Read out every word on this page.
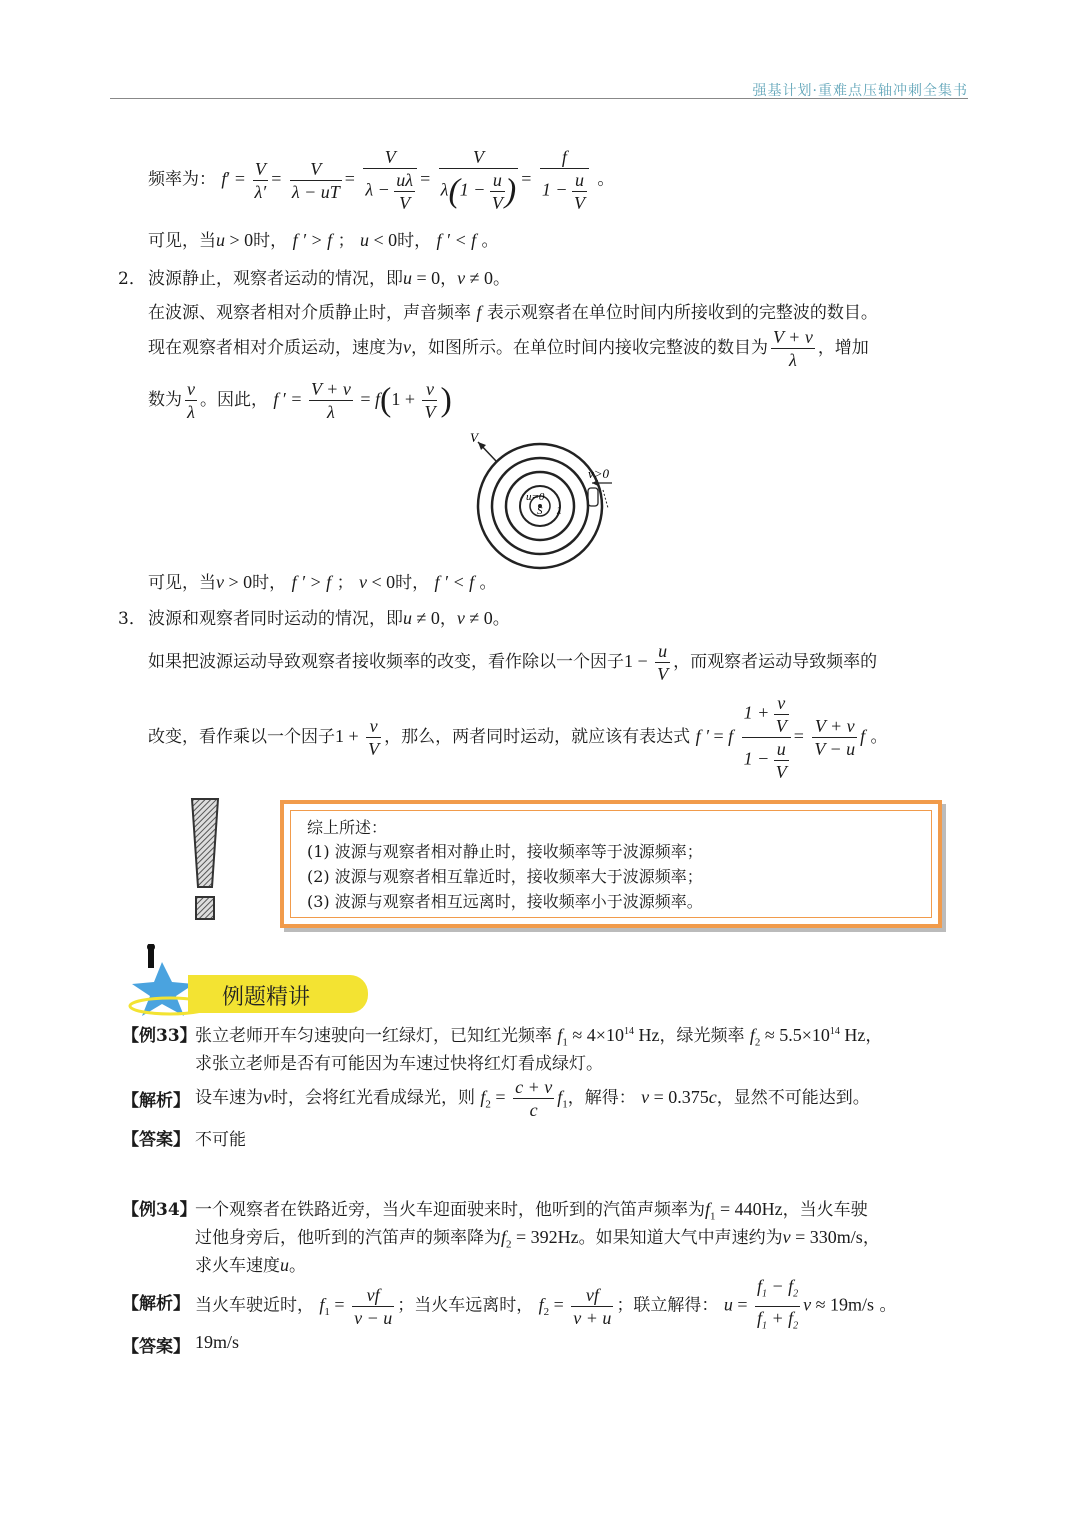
强基计划·重难点压轴冲刺全集书
频率为： $f' = \frac{V}{\lambda'} = \frac{V}{\lambda - uT} = \frac{V}{\lambda - \frac{u\lambda}{V}} = \frac{V}{\lambda(1 - \frac{u}{V} )} = \frac{f}{1 - \frac{u}{V}}$ 。
可见，当u > 0时， f ′ > f ； u < 0时， f ′ < f 。
2． 波源静止，观察者运动的情况，即u = 0，v ≠ 0。
在波源、观察者相对介质静止时，声音频率 f 表示观察者在单位时间内所接收到的完整波的数目。
现在观察者相对介质运动，速度为v，如图所示。在单位时间内接收完整波的数目为 $\frac{V + v}{\lambda}$ ，增加
数为 $\frac{v}{\lambda}$ 。因此， f ′ = $\frac{V + v}{\lambda} = f(1 + \frac{v}{V}$ )
V
v>0
u=0
S λ
可见，当v > 0时， f ′ > f ； v < 0时， f ′ < f 。
3． 波源和观察者同时运动的情况，即u ≠ 0，v ≠ 0。
如果把波源运动导致观察者接收频率的改变，看作除以一个因子$1 - \frac{u}{V}$ ，而观察者运动导致频率的
改变，看作乘以一个因子$1 + \frac{v}{V}$ ，那么，两者同时运动，就应该有表达式 f ′ = f $\frac{1 + \frac{v}{V}}{1 - \frac{u}{V}} = \frac{V + v}{V - u}$ f 。
综上所述：
(1) 波源与观察者相对静止时，接收频率等于波源频率；
(2) 波源与观察者相互靠近时，接收频率大于波源频率；
(3) 波源与观察者相互远离时，接收频率小于波源频率。
例题精讲
【例33】
张立老师开车匀速驶向一红绿灯，已知红光频率 $f_1 \approx 4\times 10^{14}$ Hz，绿光频率 $f_2 \approx 5.5\times 10^{14}$ Hz，
求张立老师是否有可能因为车速过快将红灯看成绿灯。
【解析】 设车速为v时，会将红光看成绿光，则 $f_2 = \frac{c + v}{c} f_1$，解得： v = 0.375c，显然不可能达到。
【答案】 不可能
【例34】
一个观察者在铁路近旁，当火车迎面驶来时，他听到的汽笛声频率为$f_1 = 440Hz$，当火车驶
过他身旁后，他听到的汽笛声的频率降为$f_2 = 392Hz$。如果知道大气中声速约为v = 330m/s，
求火车速度u。
【解析】 当火车驶近时， $f_1 = \frac{vf}{v - u}$ ；当火车远离时， $f_2 = \frac{vf}{v + u}$ ；联立解得： $u = \frac{f_1 - f_2}{f_1 + f_2}$ v ≈ 19m/s 。
【答案】 19m/s
